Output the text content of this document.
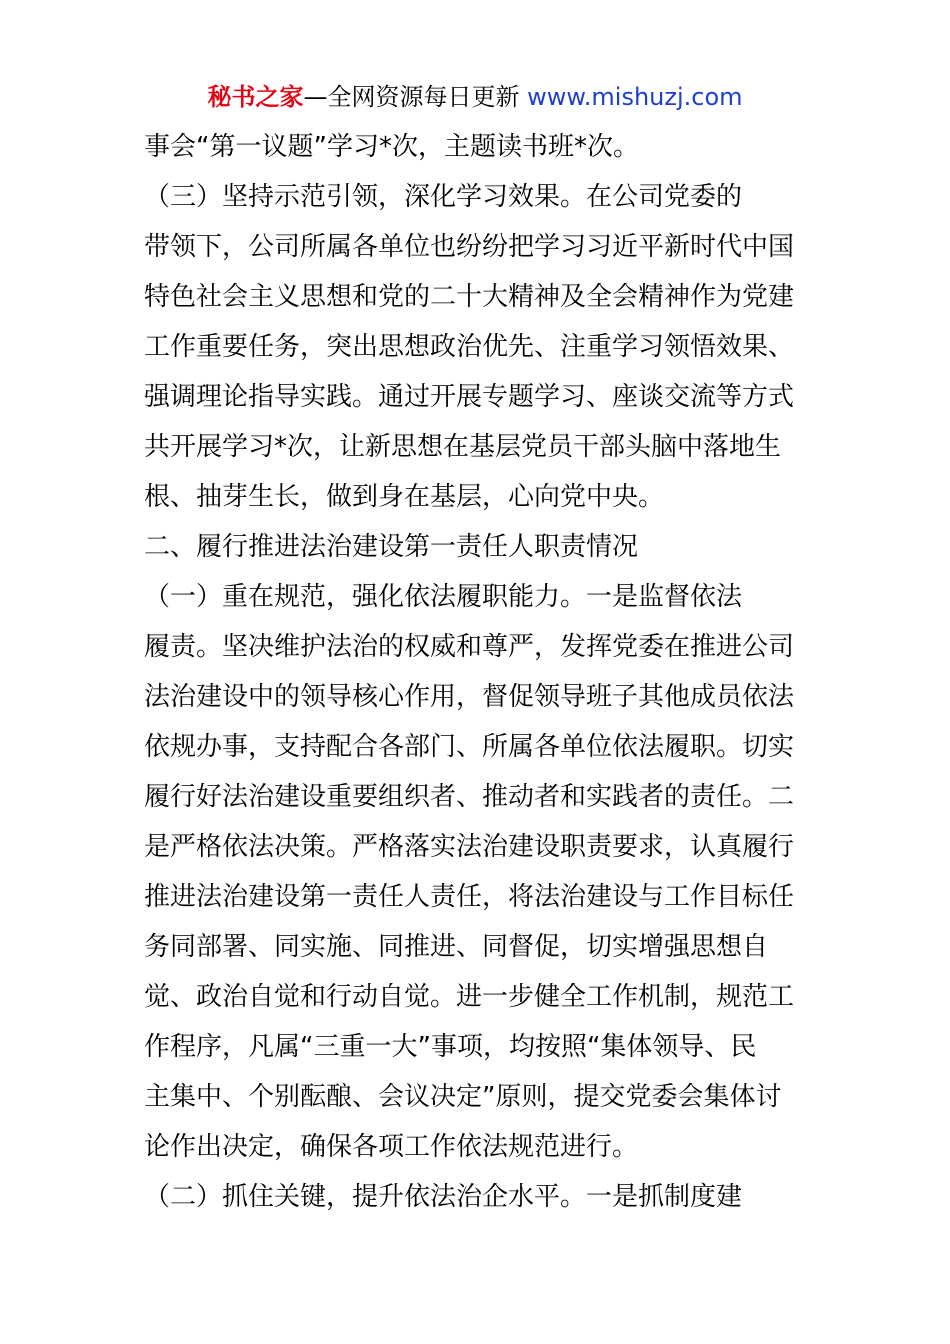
秘书之家—全网资源每日更新 www.mishuzj.com
事会“第一议题”学习*次，主题读书班*次。
（三）坚持示范引领，深化学习效果。在公司党委的
带领下，公司所属各单位也纷纷把学习习近平新时代中国
特色社会主义思想和党的二十大精神及全会精神作为党建
工作重要任务，突出思想政治优先、注重学习领悟效果、
强调理论指导实践。通过开展专题学习、座谈交流等方式
共开展学习*次，让新思想在基层党员干部头脑中落地生
根、抽芽生长，做到身在基层，心向党中央。
二、履行推进法治建设第一责任人职责情况
（一）重在规范，强化依法履职能力。一是监督依法
履责。坚决维护法治的权威和尊严，发挥党委在推进公司
法治建设中的领导核心作用，督促领导班子其他成员依法
依规办事，支持配合各部门、所属各单位依法履职。切实
履行好法治建设重要组织者、推动者和实践者的责任。二
是严格依法决策。严格落实法治建设职责要求，认真履行
推进法治建设第一责任人责任，将法治建设与工作目标任
务同部署、同实施、同推进、同督促，切实增强思想自
觉、政治自觉和行动自觉。进一步健全工作机制，规范工
作程序，凡属“三重一大”事项，均按照“集体领导、民
主集中、个别酝酿、会议决定”原则，提交党委会集体讨
论作出决定，确保各项工作依法规范进行。
（二）抓住关键，提升依法治企水平。一是抓制度建
